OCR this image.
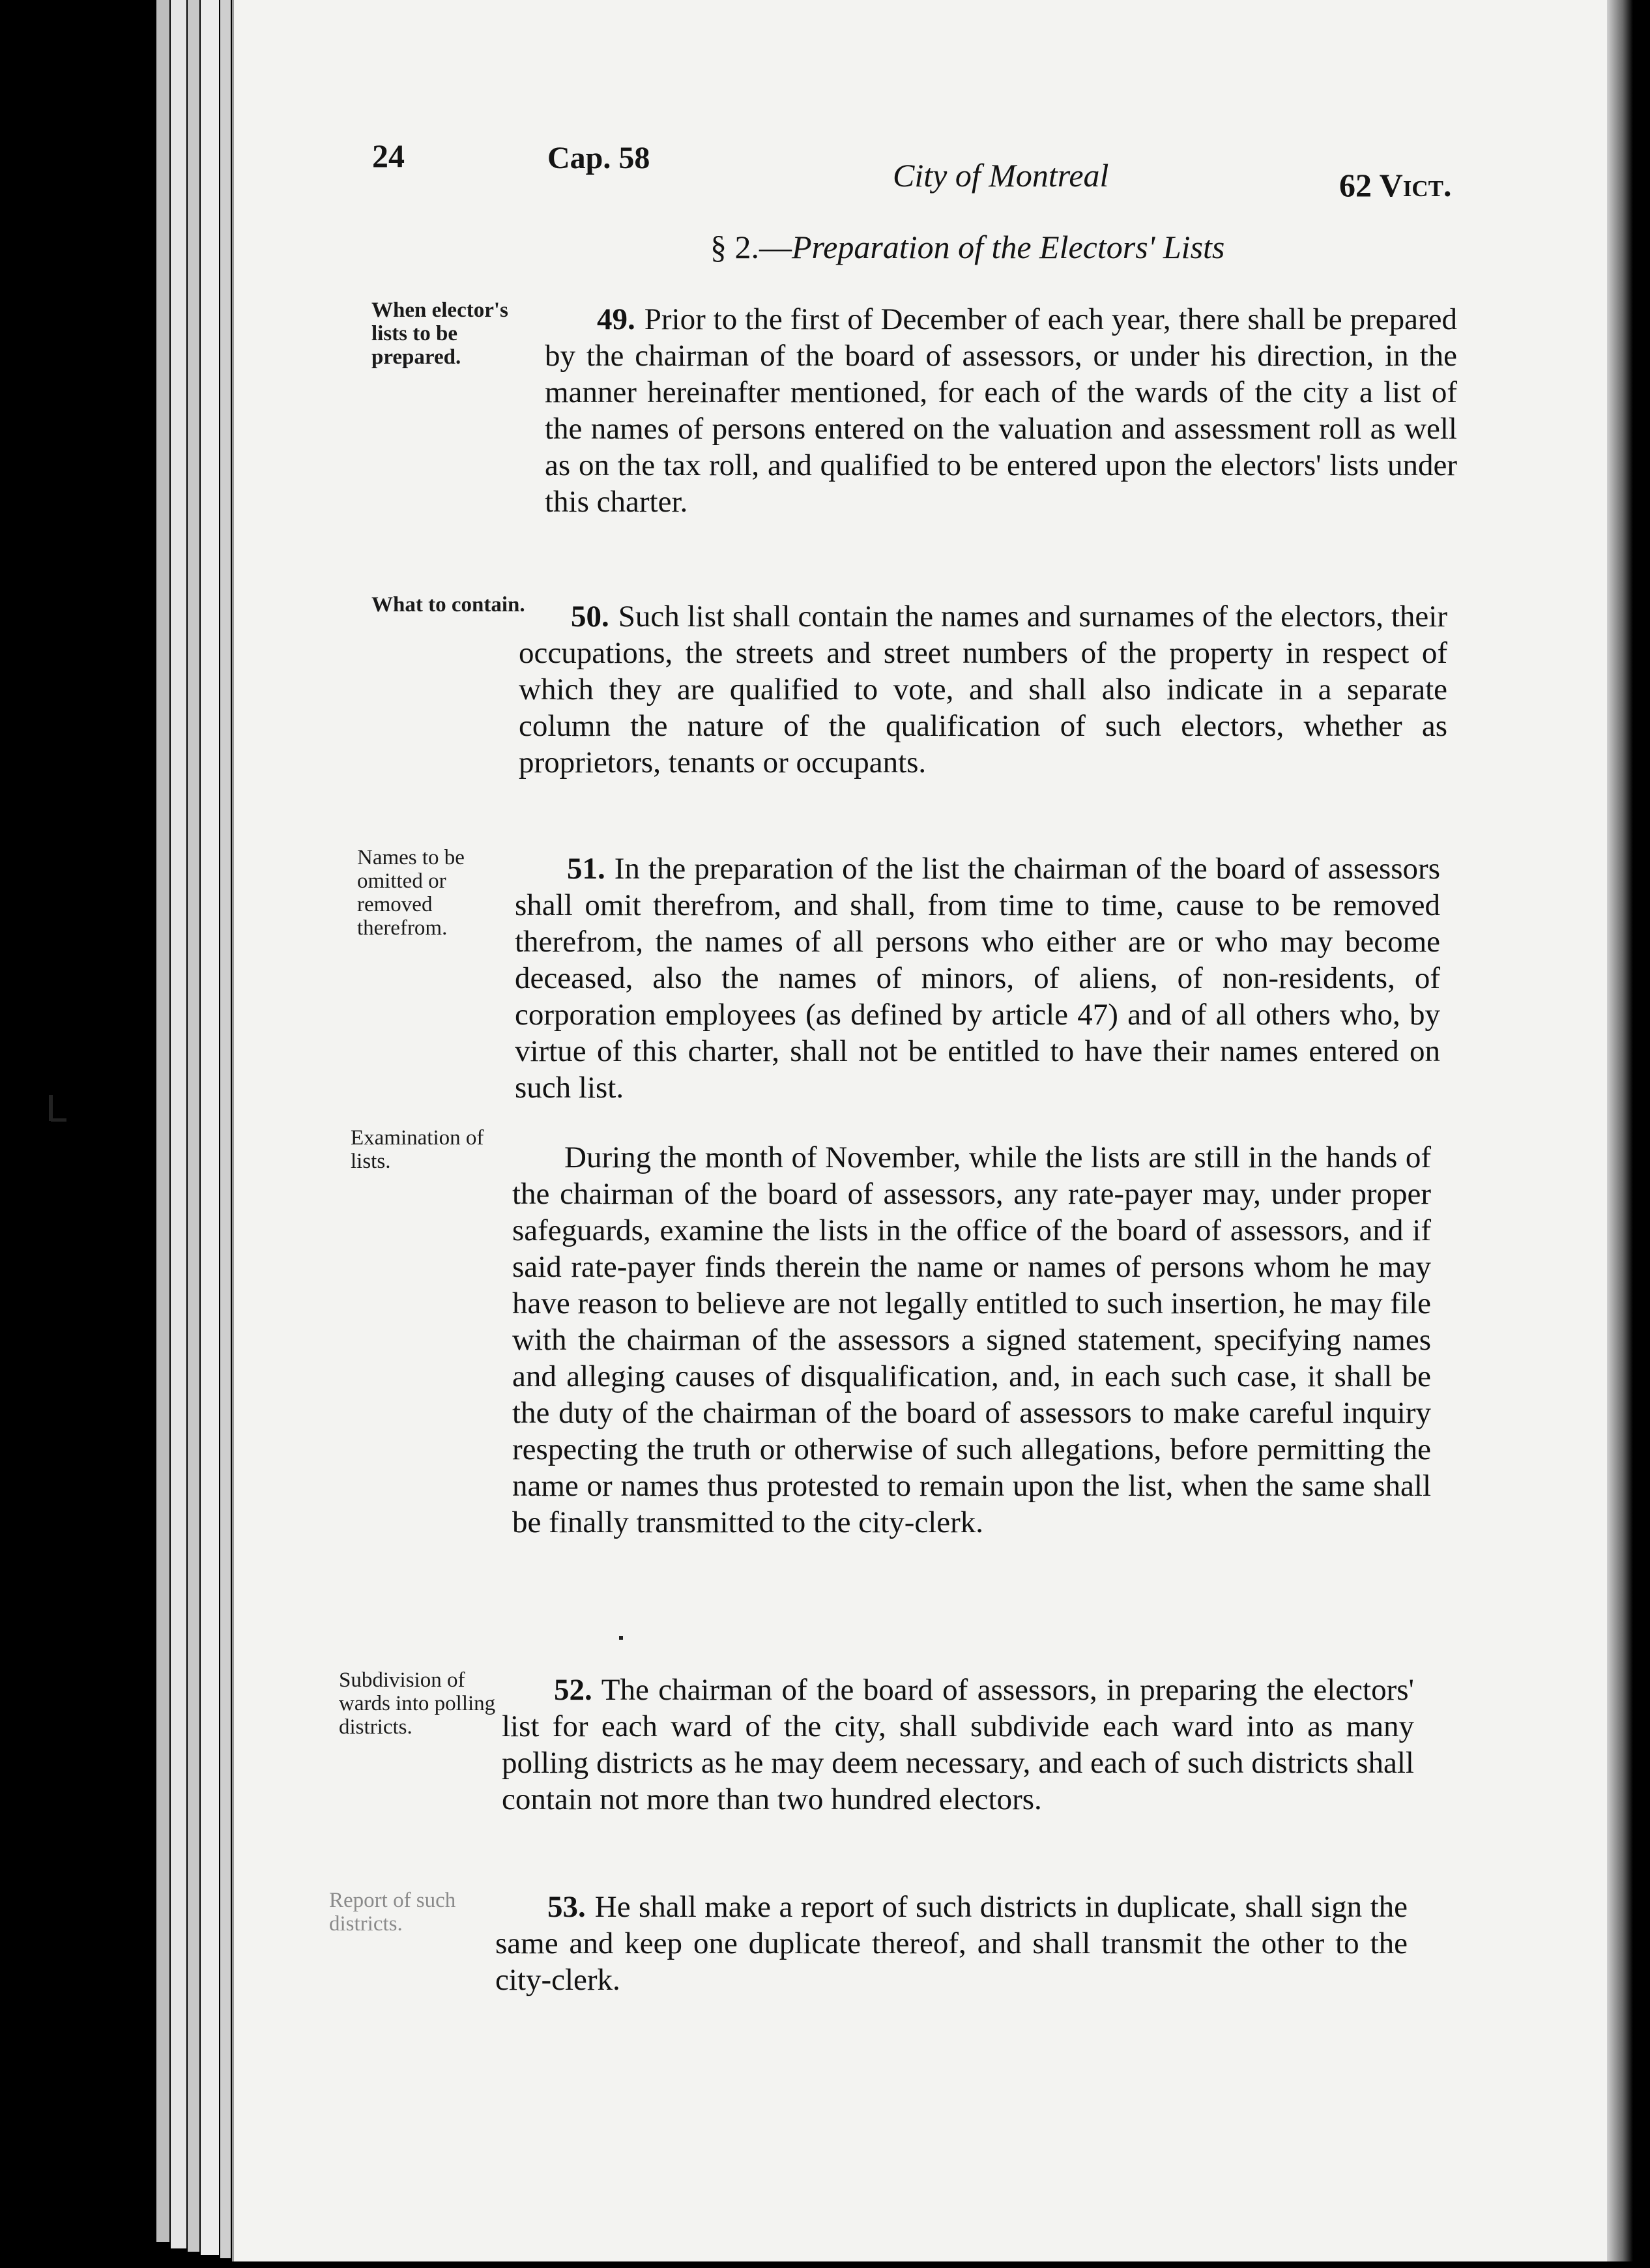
24	Cap. 58	City of Montreal	62 Vict.
§ 2.—Preparation of the Electors' Lists
When elector's lists to be prepared.
49. Prior to the first of December of each year, there shall be prepared by the chairman of the board of assessors, or under his direction, in the manner hereinafter mentioned, for each of the wards of the city a list of the names of persons entered on the valuation and assessment roll as well as on the tax roll, and qualified to be entered upon the electors' lists under this charter.
What to contain.	50. Such list shall contain the names and surnames of the electors, their occupations, the streets and street numbers of the property in respect of which they are qualified to vote, and shall also indicate in a separate column the nature of the qualification of such electors, whether as proprietors, tenants or occupants.
Names to be omitted or removed therefrom.
51. In the preparation of the list the chairman of the board of assessors shall omit therefrom, and shall, from time to time, cause to be removed therefrom, the names of all persons who either are or who may become deceased, also the names of minors, of aliens, of non-residents, of corporation employees (as defined by article 47) and of all others who, by virtue of this charter, shall not be entitled to have their names entered on such list.
Examination of lists.	During the month of November, while the lists are still in the hands of the chairman of the board of assessors, any rate-payer may, under proper safeguards, examine the lists in the office of the board of assessors, and if said rate-payer finds therein the name or names of persons whom he may have reason to believe are not legally entitled to such insertion, he may file with the chairman of the assessors a signed statement, specifying names and alleging causes of disqualification, and, in each such case, it shall be the duty of the chairman of the board of assessors to make careful inquiry respecting the truth or otherwise of such allegations, before permitting the name or names thus protested to remain upon the list, when the same shall be finally transmitted to the city-clerk.
Subdivision of wards into polling districts.
52. The chairman of the board of assessors, in preparing the electors' list for each ward of the city, shall subdivide each ward into as many polling districts as he may deem necessary, and each of such districts shall contain not more than two hundred electors.
Report of such districts.	53. He shall make a report of such districts in duplicate, shall sign the same and keep one duplicate thereof, and shall transmit the other to the city-clerk.
